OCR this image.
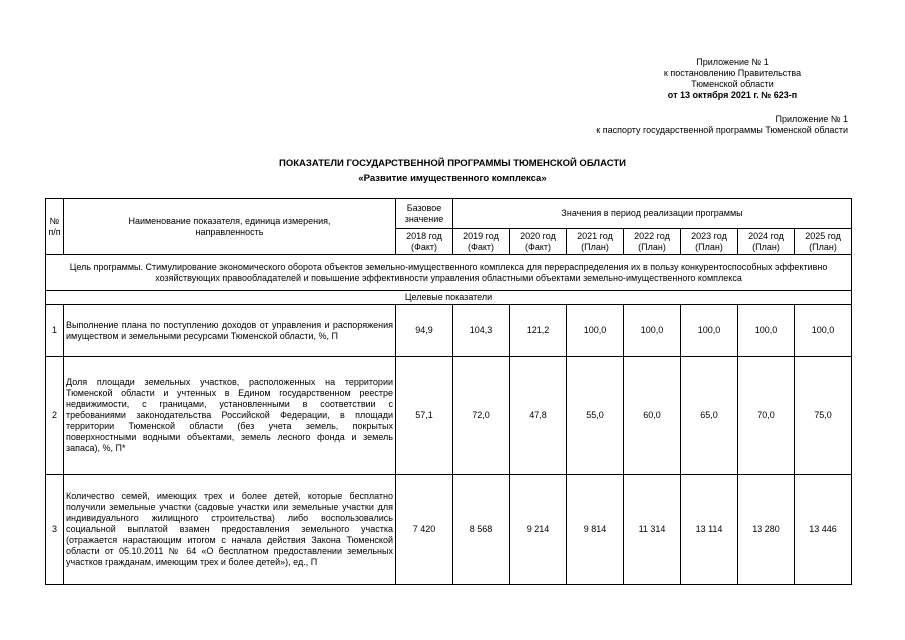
Приложение № 1
к постановлению Правительства
Тюменской области
от 13 октября 2021 г. № 623-п
Приложение № 1
к паспорту государственной программы Тюменской области
ПОКАЗАТЕЛИ ГОСУДАРСТВЕННОЙ ПРОГРАММЫ ТЮМЕНСКОЙ ОБЛАСТИ
«Развитие имущественного комплекса»
№ п/п	Наименование показателя, единица измерения, направленность	Базовое значение	Значения в период реализации программы						
		2018 год (Факт)	2019 год (Факт)	2020 год (Факт)	2021 год (План)	2022 год (План)	2023 год (План)	2024 год (План)	2025 год (План)
Цель программы. Стимулирование экономического оборота объектов земельно-имущественного комплекса для перераспределения их в пользу конкурентоспособных эффективно хозяйствующих правообладателей и повышение эффективности управления областными объектами земельно-имущественного комплекса									
Целевые показатели									
1	Выполнение плана по поступлению доходов от управления и распоряжения имуществом и земельными ресурсами Тюменской области, %, П	94,9	104,3	121,2	100,0	100,0	100,0	100,0	100,0
2	Доля площади земельных участков, расположенных на территории Тюменской области и учтенных в Едином государственном реестре недвижимости, с границами, установленными в соответствии с требованиями законодательства Российской Федерации, в площади территории Тюменской области (без учета земель, покрытых поверхностными водными объектами, земель лесного фонда и земель запаса), %, П*	57,1	72,0	47,8	55,0	60,0	65,0	70,0	75,0
3	Количество семей, имеющих трех и более детей, которые бесплатно получили земельные участки (садовые участки или земельные участки для индивидуального жилищного строительства) либо воспользовались социальной выплатой взамен предоставления земельного участка (отражается нарастающим итогом с начала действия Закона Тюменской области от 05.10.2011 № 64 «О бесплатном предоставлении земельных участков гражданам, имеющим трех и более детей»), ед., П	7 420	8 568	9 214	9 814	11 314	13 114	13 280	13 446
